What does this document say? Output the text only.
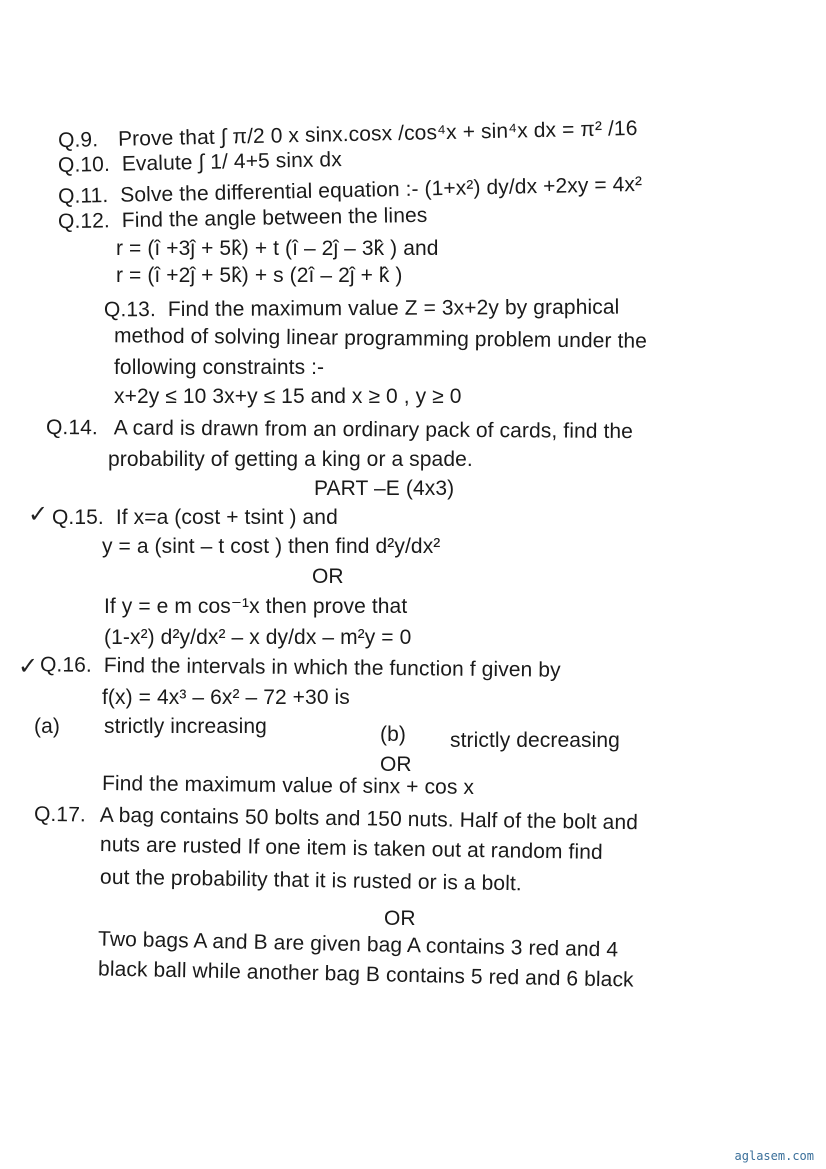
Q.9. Prove that ∫ π/2 0 x sinx.cosx /cos⁴x + sin⁴x dx = π² /16
Q.10. Evalute ∫ 1/ 4+5 sinx dx
Q.11. Solve the differential equation :- (1+x²) dy/dx +2xy = 4x²
Q.12. Find the angle between the lines
r = (î +3ĵ + 5k̂) + t (î – 2ĵ – 3k̂ ) and
r = (î +2ĵ + 5k̂) + s (2î – 2ĵ + k̂ )
Q.13. Find the maximum value Z = 3x+2y by graphical
method of solving linear programming problem under the
following constraints :-
x+2y ≤ 10 3x+y ≤ 15 and x ≥ 0 , y ≥ 0
Q.14. A card is drawn from an ordinary pack of cards, find the
probability of getting a king or a spade.
PART –E (4x3)
✓ Q.15. If x=a (cost + tsint ) and
y = a (sint – t cost ) then find d²y/dx²
OR
If y = e m cos⁻¹x then prove that
(1-x²) d²y/dx² – x dy/dx – m²y = 0
✓ Q.16. Find the intervals in which the function f given by
f(x) = 4x³ – 6x² – 72 +30 is
(a) strictly increasing	(b) strictly decreasing
OR
Find the maximum value of sinx + cos x
Q.17. A bag contains 50 bolts and 150 nuts. Half of the bolt and
nuts are rusted If one item is taken out at random find
out the probability that it is rusted or is a bolt.
OR
Two bags A and B are given bag A contains 3 red and 4
black ball while another bag B contains 5 red and 6 black
aglasem.com
